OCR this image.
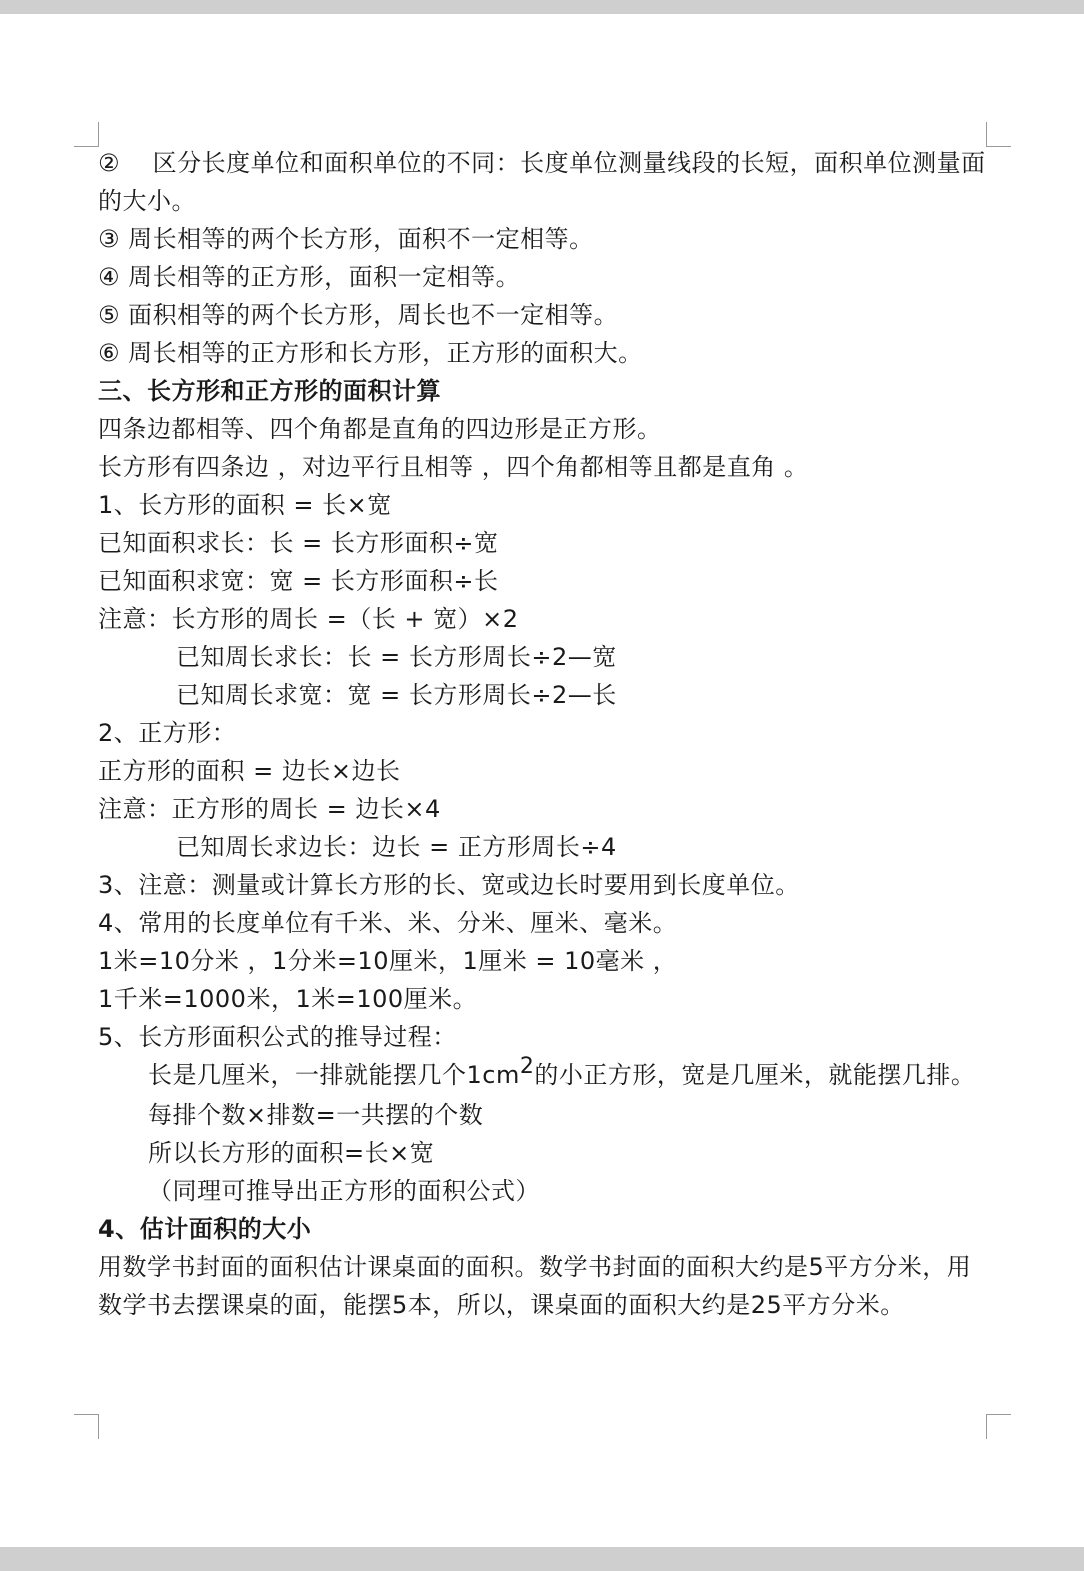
②　 区分长度单位和面积单位的不同：长度单位测量线段的长短，面积单位测量面的大小。
③ 周长相等的两个长方形，面积不一定相等。
④ 周长相等的正方形，面积一定相等。
⑤ 面积相等的两个长方形，周长也不一定相等。
⑥ 周长相等的正方形和长方形，正方形的面积大。
三、长方形和正方形的面积计算
四条边都相等、四个角都是直角的四边形是正方形。
长方形有四条边 ，对边平行且相等 ，四个角都相等且都是直角 。
1、长方形的面积 = 长×宽
已知面积求长：长 = 长方形面积÷宽
已知面积求宽：宽 = 长方形面积÷长
注意：长方形的周长 =（长 + 宽）×2
已知周长求长：长 = 长方形周长÷2—宽
已知周长求宽：宽 = 长方形周长÷2—长
2、正方形：
正方形的面积 = 边长×边长
注意：正方形的周长 = 边长×4
已知周长求边长：边长 = 正方形周长÷4
3、注意：测量或计算长方形的长、宽或边长时要用到长度单位。
4、常用的长度单位有千米、米、分米、厘米、毫米。
1米=10分米 ，1分米=10厘米，1厘米 = 10毫米 ，
1千米=1000米，1米=100厘米。
5、长方形面积公式的推导过程：
长是几厘米，一排就能摆几个1cm2的小正方形，宽是几厘米，就能摆几排。
每排个数×排数=一共摆的个数
所以长方形的面积=长×宽
（同理可推导出正方形的面积公式）
4、估计面积的大小
用数学书封面的面积估计课桌面的面积。数学书封面的面积大约是5平方分米，用数学书去摆课桌的面，能摆5本，所以，课桌面的面积大约是25平方分米。
